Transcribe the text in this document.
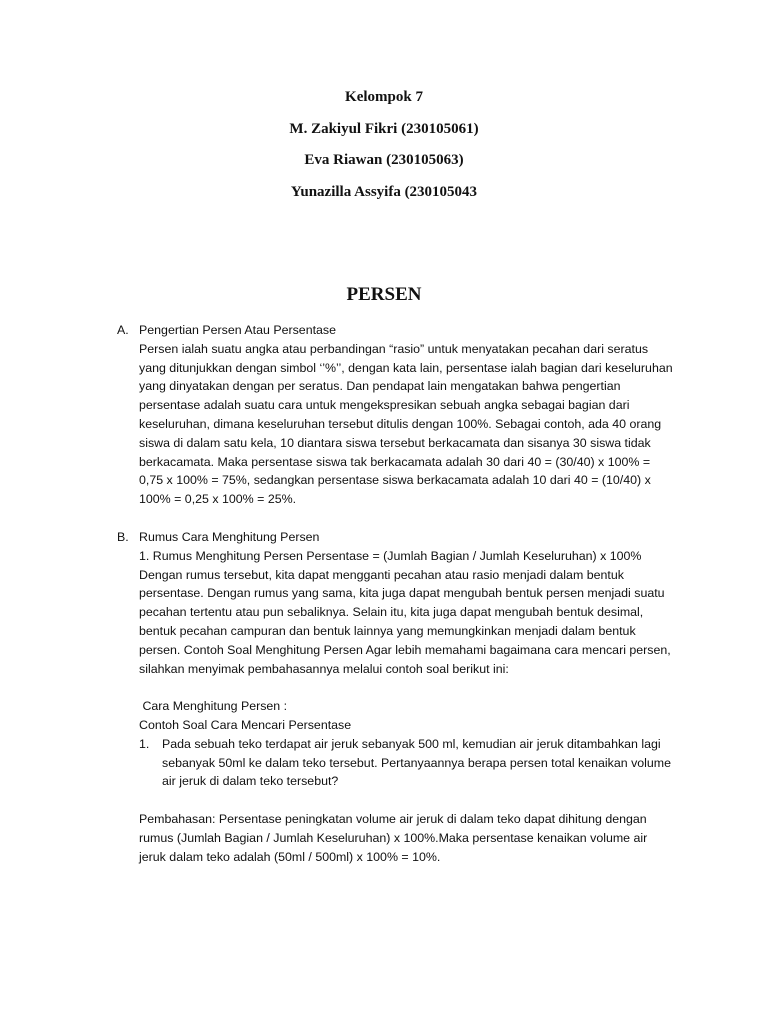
Kelompok 7
M. Zakiyul Fikri (230105061)
Eva Riawan (230105063)
Yunazilla Assyifa (230105043
PERSEN
A. Pengertian Persen Atau Persentase

Persen ialah suatu angka atau perbandingan “rasio” untuk menyatakan pecahan dari seratus yang ditunjukkan dengan simbol ‘’%’’, dengan kata lain, persentase ialah bagian dari keseluruhan yang dinyatakan dengan per seratus. Dan pendapat lain mengatakan bahwa pengertian persentase adalah suatu cara untuk mengekspresikan sebuah angka sebagai bagian dari keseluruhan, dimana keseluruhan tersebut ditulis dengan 100%. Sebagai contoh, ada 40 orang siswa di dalam satu kela, 10 diantara siswa tersebut berkacamata dan sisanya 30 siswa tidak berkacamata. Maka persentase siswa tak berkacamata adalah 30 dari 40 = (30/40) x 100% = 0,75 x 100% = 75%, sedangkan persentase siswa berkacamata adalah 10 dari 40 = (10/40) x 100% = 0,25 x 100% = 25%.

B. Rumus Cara Menghitung Persen

1. Rumus Menghitung Persen Persentase = (Jumlah Bagian / Jumlah Keseluruhan) x 100%

Dengan rumus tersebut, kita dapat mengganti pecahan atau rasio menjadi dalam bentuk persentase. Dengan rumus yang sama, kita juga dapat mengubah bentuk persen menjadi suatu pecahan tertentu atau pun sebaliknya. Selain itu, kita juga dapat mengubah bentuk desimal, bentuk pecahan campuran dan bentuk lainnya yang memungkinkan menjadi dalam bentuk persen. Contoh Soal Menghitung Persen Agar lebih memahami bagaimana cara mencari persen, silahkan menyimak pembahasannya melalui contoh soal berikut ini:

Cara Menghitung Persen :

Contoh Soal Cara Mencari Persentase

1. Pada sebuah teko terdapat air jeruk sebanyak 500 ml, kemudian air jeruk ditambahkan lagi sebanyak 50ml ke dalam teko tersebut. Pertanyaannya berapa persen total kenaikan volume air jeruk di dalam teko tersebut?

Pembahasan: Persentase peningkatan volume air jeruk di dalam teko dapat dihitung dengan rumus (Jumlah Bagian / Jumlah Keseluruhan) x 100%.Maka persentase kenaikan volume air jeruk dalam teko adalah (50ml / 500ml) x 100% = 10%.
